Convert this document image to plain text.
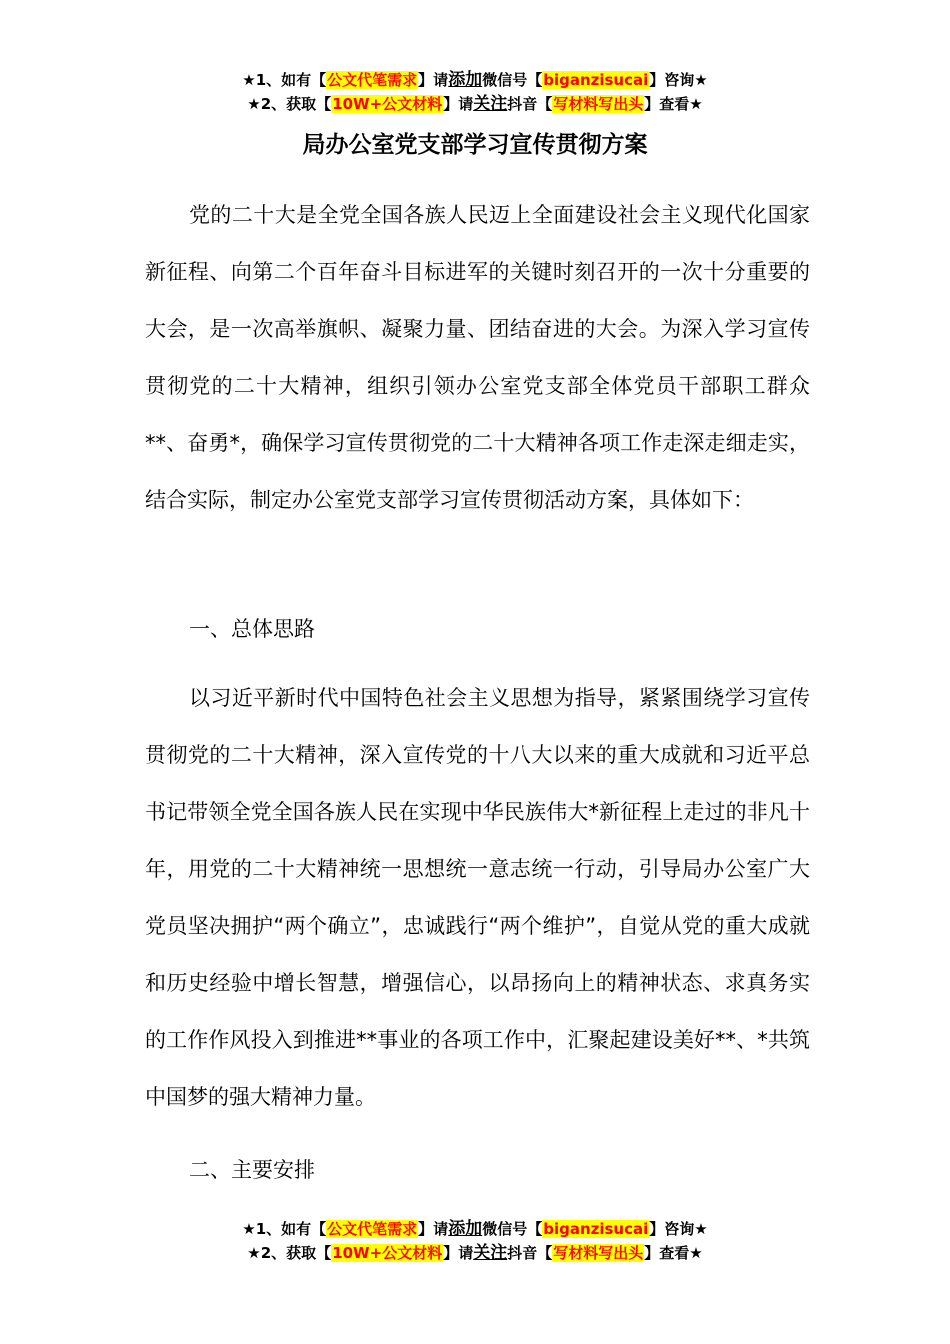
★1、如有【公文代笔需求】请添加微信号【biganzisucai】咨询★
★2、获取【10W+公文材料】请关注抖音【写材料写出头】查看★
局办公室党支部学习宣传贯彻方案

党的二十大是全党全国各族人民迈上全面建设社会主义现代化国家新征程、向第二个百年奋斗目标进军的关键时刻召开的一次十分重要的大会，是一次高举旗帜、凝聚力量、团结奋进的大会。为深入学习宣传贯彻党的二十大精神，组织引领办公室党支部全体党员干部职工群众**、奋勇*，确保学习宣传贯彻党的二十大精神各项工作走深走细走实，结合实际，制定办公室党支部学习宣传贯彻活动方案，具体如下：

一、总体思路

以习近平新时代中国特色社会主义思想为指导，紧紧围绕学习宣传贯彻党的二十大精神，深入宣传党的十八大以来的重大成就和习近平总书记带领全党全国各族人民在实现中华民族伟大*新征程上走过的非凡十年，用党的二十大精神统一思想统一意志统一行动，引导局办公室广大党员坚决拥护“两个确立”，忠诚践行“两个维护”，自觉从党的重大成就和历史经验中增长智慧，增强信心，以昂扬向上的精神状态、求真务实的工作作风投入到推进**事业的各项工作中，汇聚起建设美好**、*共筑中国梦的强大精神力量。

二、主要安排

★1、如有【公文代笔需求】请添加微信号【biganzisucai】咨询★
★2、获取【10W+公文材料】请关注抖音【写材料写出头】查看★
